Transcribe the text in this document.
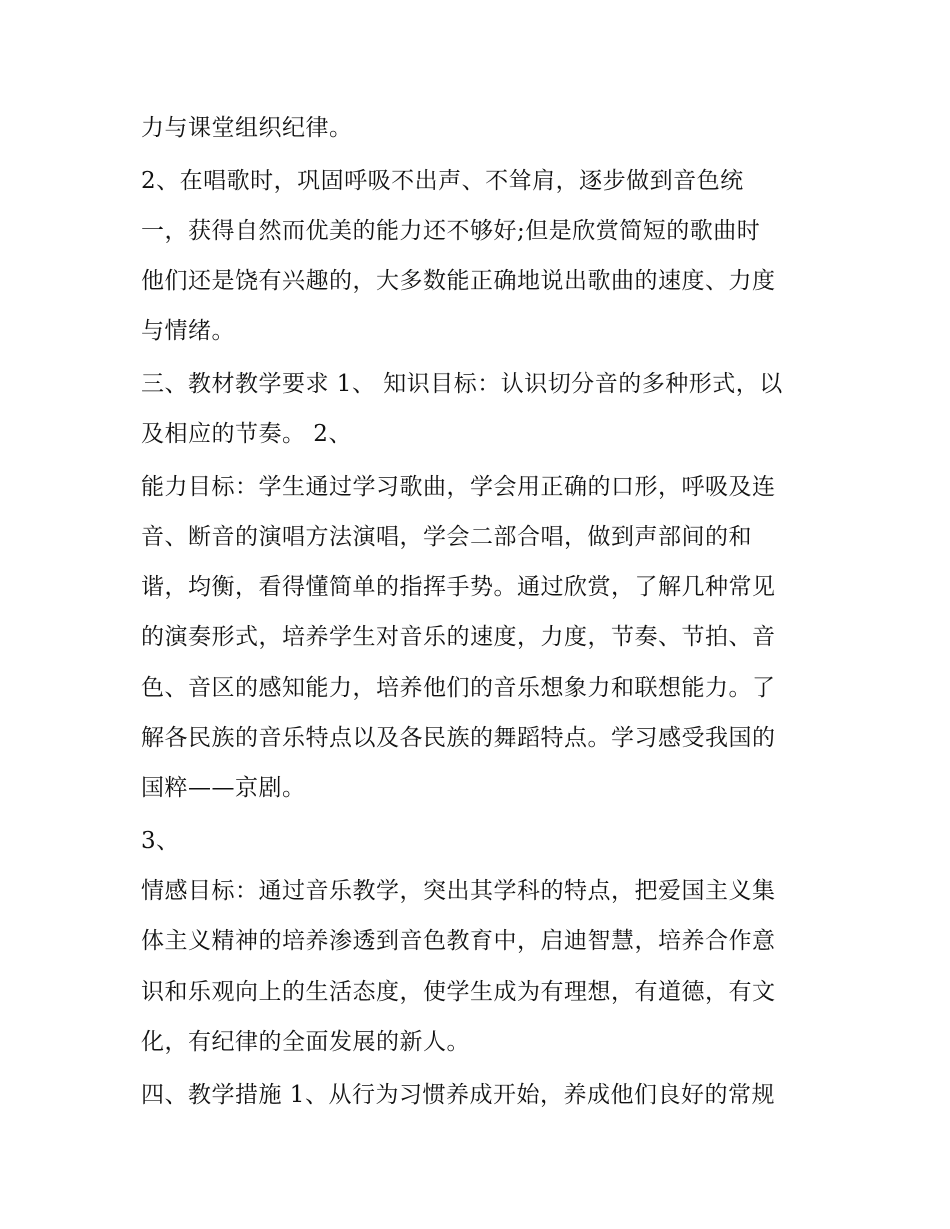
力与课堂组织纪律。
2、在唱歌时，巩固呼吸不出声、不耸肩，逐步做到音色统
一，获得自然而优美的能力还不够好;但是欣赏简短的歌曲时
他们还是饶有兴趣的，大多数能正确地说出歌曲的速度、力度
与情绪。
三、教材教学要求 1、 知识目标：认识切分音的多种形式，以
及相应的节奏。 2、
能力目标：学生通过学习歌曲，学会用正确的口形，呼吸及连
音、断音的演唱方法演唱，学会二部合唱，做到声部间的和
谐，均衡，看得懂简单的指挥手势。通过欣赏，了解几种常见
的演奏形式，培养学生对音乐的速度，力度，节奏、节拍、音
色、音区的感知能力，培养他们的音乐想象力和联想能力。了
解各民族的音乐特点以及各民族的舞蹈特点。学习感受我国的
国粹——京剧。
3、
情感目标：通过音乐教学，突出其学科的特点，把爱国主义集
体主义精神的培养渗透到音色教育中，启迪智慧，培养合作意
识和乐观向上的生活态度，使学生成为有理想，有道德，有文
化，有纪律的全面发展的新人。
四、教学措施 1、从行为习惯养成开始，养成他们良好的常规
